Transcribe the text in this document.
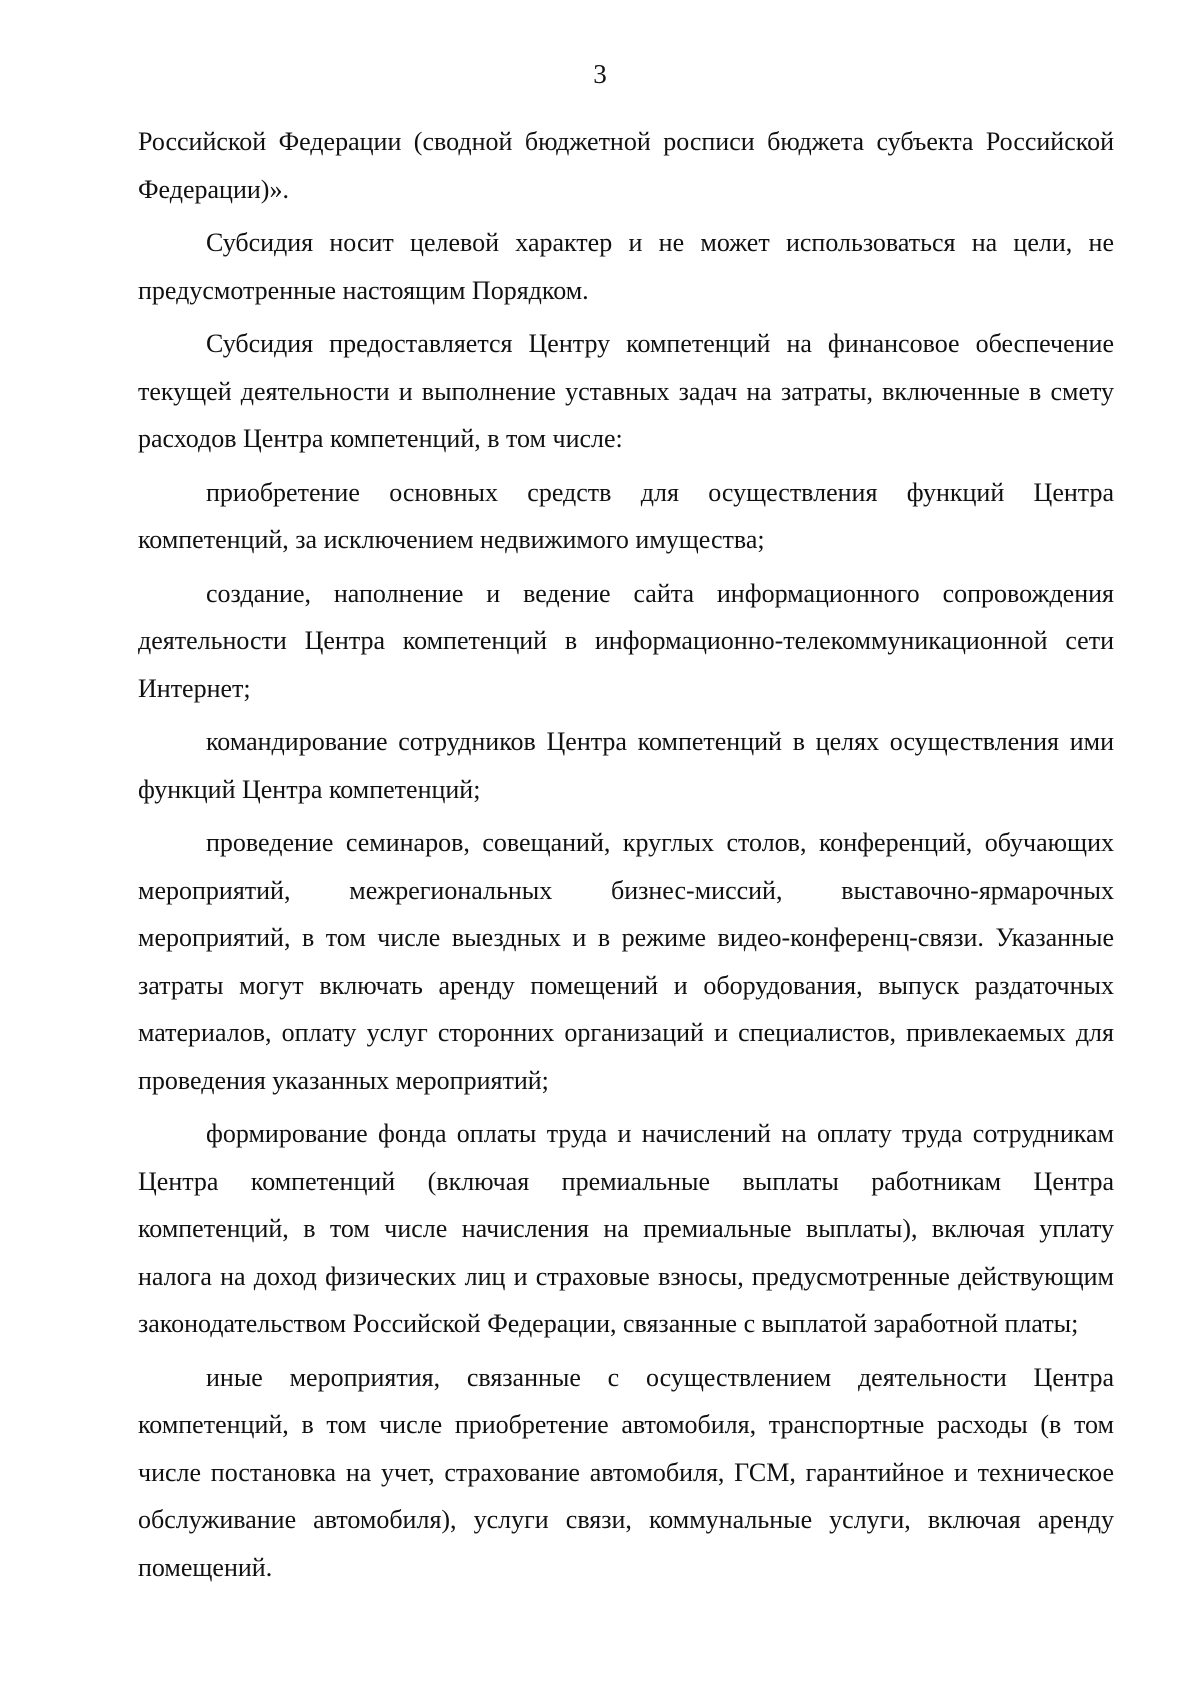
3

Российской Федерации (сводной бюджетной росписи бюджета субъекта Российской Федерации)».

Субсидия носит целевой характер и не может использоваться на цели, не предусмотренные настоящим Порядком.

Субсидия предоставляется Центру компетенций на финансовое обеспечение текущей деятельности и выполнение уставных задач на затраты, включенные в смету расходов Центра компетенций, в том числе:

приобретение основных средств для осуществления функций Центра компетенций, за исключением недвижимого имущества;

создание, наполнение и ведение сайта информационного сопровождения деятельности Центра компетенций в информационно-телекоммуникационной сети Интернет;

командирование сотрудников Центра компетенций в целях осуществления ими функций Центра компетенций;

проведение семинаров, совещаний, круглых столов, конференций, обучающих мероприятий, межрегиональных бизнес-миссий, выставочно-ярмарочных мероприятий, в том числе выездных и в режиме видео-конференц-связи. Указанные затраты могут включать аренду помещений и оборудования, выпуск раздаточных материалов, оплату услуг сторонних организаций и специалистов, привлекаемых для проведения указанных мероприятий;

формирование фонда оплаты труда и начислений на оплату труда сотрудникам Центра компетенций (включая премиальные выплаты работникам Центра компетенций, в том числе начисления на премиальные выплаты), включая уплату налога на доход физических лиц и страховые взносы, предусмотренные действующим законодательством Российской Федерации, связанные с выплатой заработной платы;

иные мероприятия, связанные с осуществлением деятельности Центра компетенций, в том числе приобретение автомобиля, транспортные расходы (в том числе постановка на учет, страхование автомобиля, ГСМ, гарантийное и техническое обслуживание автомобиля), услуги связи, коммунальные услуги, включая аренду помещений.
